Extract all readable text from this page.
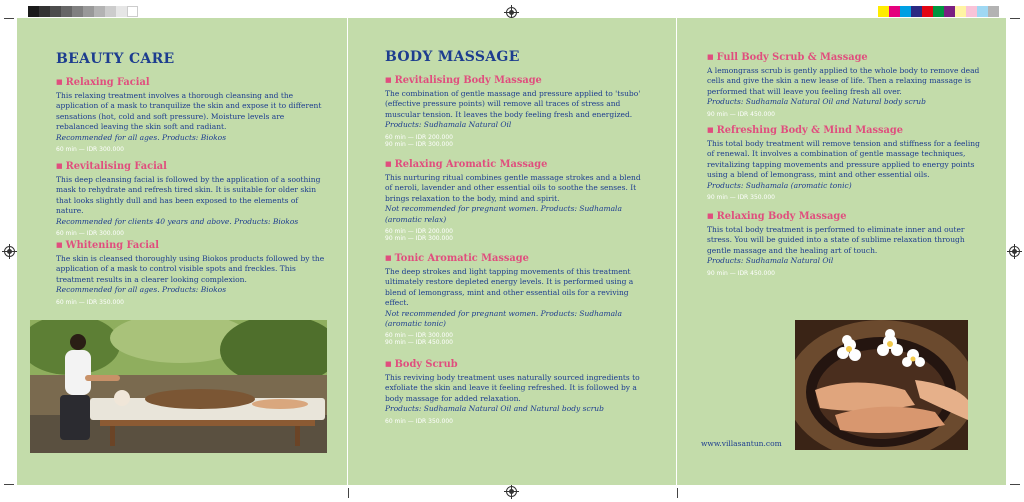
BEAUTY CARE

■ Relaxing Facial

This relaxing treatment involves a thorough cleansing and the application of a mask to tranquilize the skin and expose it to different sensations (hot, cold and soft pressure). Moisture levels are rebalanced leaving the skin soft and radiant.

Recommended for all ages. Products: Biokos

60 min — IDR 300.000

■ Revitalising Facial

This deep cleansing facial is followed by the application of a soothing mask to rehydrate and refresh tired skin. It is suitable for older skin that looks slightly dull and has been exposed to the elements of nature.

Recommended for clients 40 years and above. Products: Biokos

60 min — IDR 300.000

■ Whitening Facial

The skin is cleansed thoroughly using Biokos products followed by the application of a mask to control visible spots and freckles. This treatment results in a clearer looking complexion.

Recommended for all ages. Products: Biokos

60 min — IDR 350.000

BODY MASSAGE

■ Revitalising Body Massage

The combination of gentle massage and pressure applied to 'tsubo' (effective pressure points) will remove all traces of stress and muscular tension. It leaves the body feeling fresh and energized.

Products: Sudhamala Natural Oil

60 min — IDR 200.000

90 min — IDR 300.000

■ Relaxing Aromatic Massage

This nurturing ritual combines gentle massage strokes and a blend of neroli, lavender and other essential oils to soothe the senses. It brings relaxation to the body, mind and spirit.

Not recommended for pregnant women. Products: Sudhamala (aromatic relax)

60 min — IDR 200.000

90 min — IDR 300.000

■ Tonic Aromatic Massage

The deep strokes and light tapping movements of this treatment ultimately restore depleted energy levels. It is performed using a blend of lemongrass, mint and other essential oils for a reviving effect.

Not recommended for pregnant women. Products: Sudhamala (aromatic tonic)

60 min — IDR 300.000

90 min — IDR 450.000

■ Body Scrub

This reviving body treatment uses naturally sourced ingredients to exfoliate the skin and leave it feeling refreshed. It is followed by a body massage for added relaxation.

Products: Sudhamala Natural Oil and Natural body scrub

60 min — IDR 350.000

■ Full Body Scrub & Massage

A lemongrass scrub is gently applied to the whole body to remove dead cells and give the skin a new lease of life. Then a relaxing massage is performed that will leave you feeling fresh all over.

Products: Sudhamala Natural Oil and Natural body scrub

90 min — IDR 450.000

■ Refreshing Body & Mind Massage

This total body treatment will remove tension and stiffness for a feeling of renewal. It involves a combination of gentle massage techniques, revitalizing tapping movements and pressure applied to energy points using a blend of lemongrass, mint and other essential oils.

Products: Sudhamala (aromatic tonic)

90 min — IDR 350.000

■ Relaxing Body Massage

This total body treatment is performed to eliminate inner and outer stress. You will be guided into a state of sublime relaxation through gentle massage and the healing art of touch.

Products: Sudhamala Natural Oil

90 min — IDR 450.000

www.villasantun.com
